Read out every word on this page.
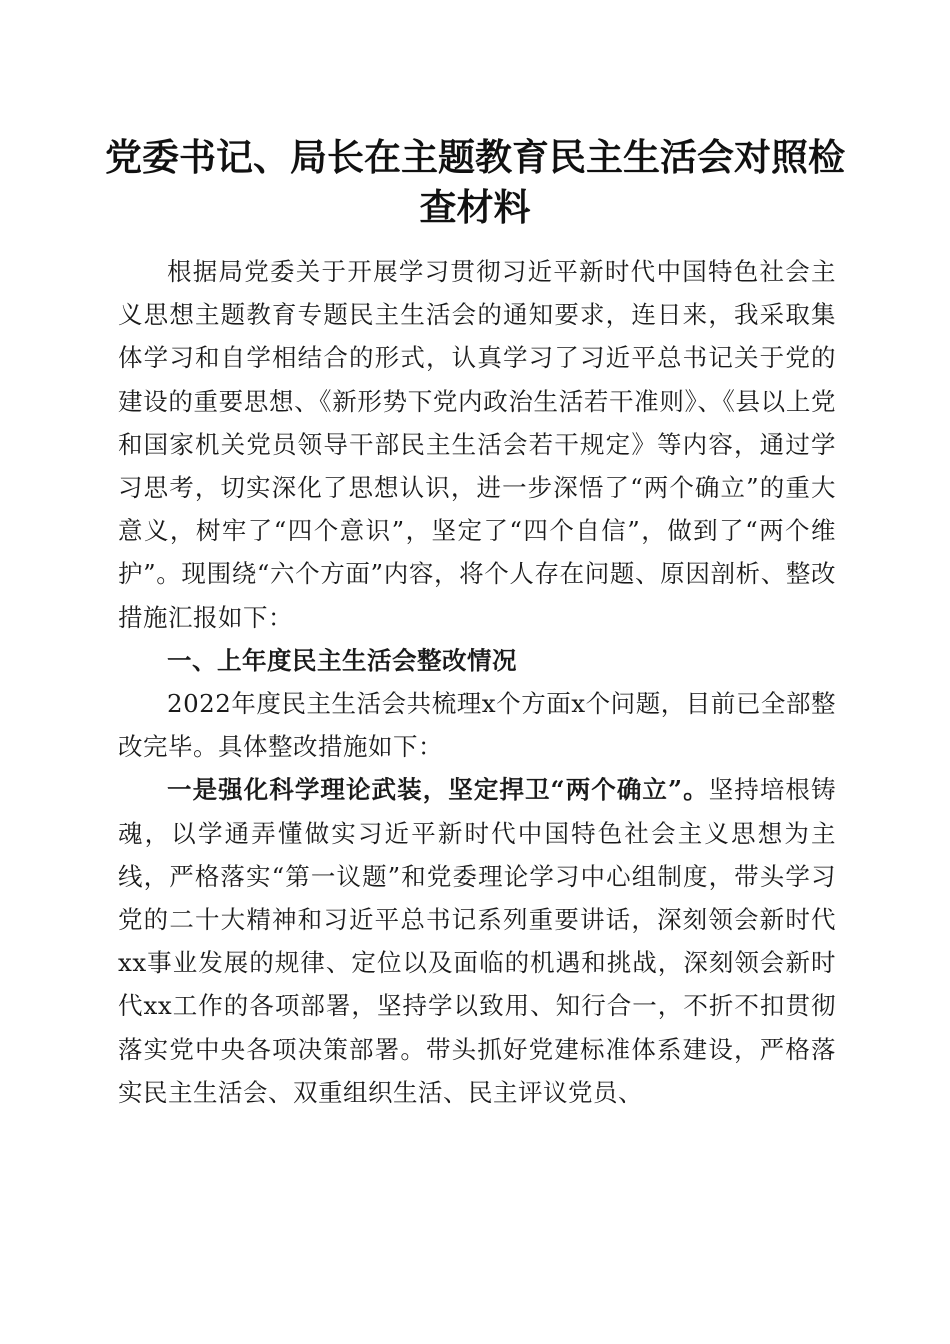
党委书记、局长在主题教育民主生活会对照检查材料

根据局党委关于开展学习贯彻习近平新时代中国特色社会主义思想主题教育专题民主生活会的通知要求，连日来，我采取集体学习和自学相结合的形式，认真学习了习近平总书记关于党的建设的重要思想、《新形势下党内政治生活若干准则》、《县以上党和国家机关党员领导干部民主生活会若干规定》等内容，通过学习思考，切实深化了思想认识，进一步深悟了“两个确立”的重大意义，树牢了“四个意识”，坚定了“四个自信”，做到了“两个维护”。现围绕“六个方面”内容，将个人存在问题、原因剖析、整改措施汇报如下：

一、上年度民主生活会整改情况

2022年度民主生活会共梳理x个方面x个问题，目前已全部整改完毕。具体整改措施如下：

一是强化科学理论武装，坚定捍卫“两个确立”。坚持培根铸魂，以学通弄懂做实习近平新时代中国特色社会主义思想为主线，严格落实“第一议题”和党委理论学习中心组制度，带头学习党的二十大精神和习近平总书记系列重要讲话，深刻领会新时代xx事业发展的规律、定位以及面临的机遇和挑战，深刻领会新时代xx工作的各项部署，坚持学以致用、知行合一，不折不扣贯彻落实党中央各项决策部署。带头抓好党建标准体系建设，严格落实民主生活会、双重组织生活、民主评议党员、
